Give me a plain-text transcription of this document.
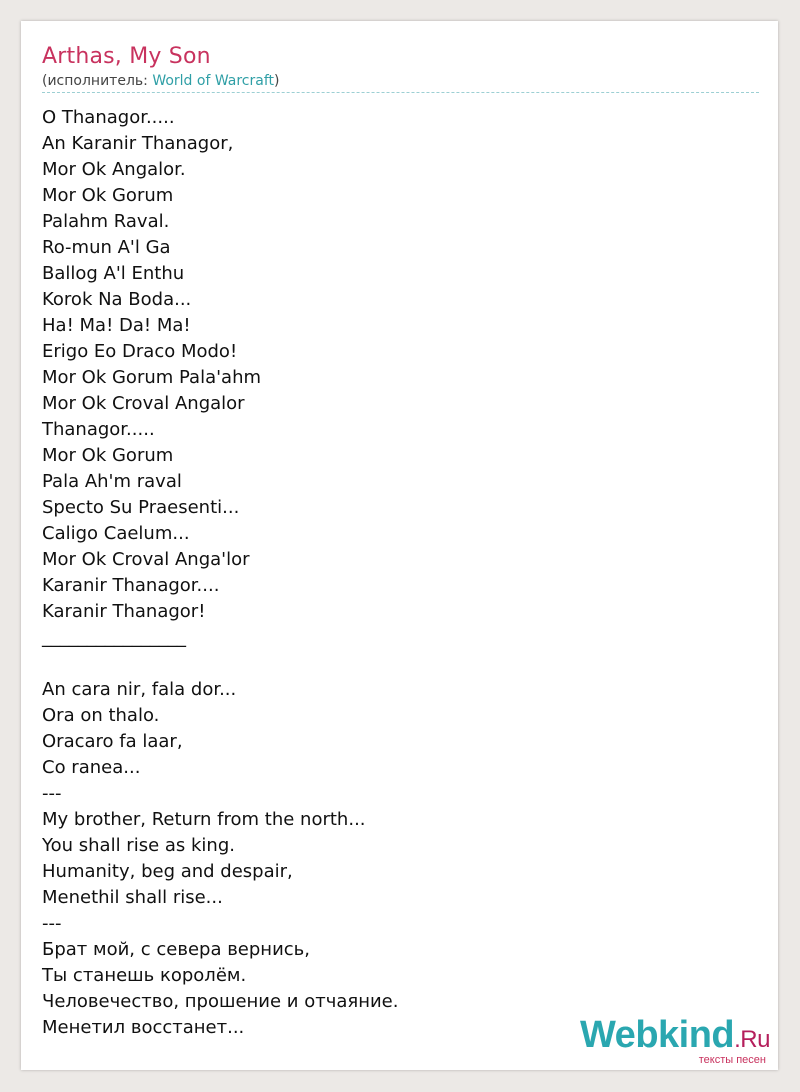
Arthas, My Son
(исполнитель: World of Warcraft)
O Thanagor.....
An Karanir Thanagor,
Mor Ok Angalor.
Mor Ok Gorum
Palahm Raval.
Ro-mun A'l Ga
Ballog A'l Enthu
Korok Na Boda...
Ha! Ma! Da! Ma!
Erigo Eo Draco Modo!
Mor Ok Gorum Pala'ahm
Mor Ok Croval Angalor
Thanagor.....
Mor Ok Gorum
Pala Ah'm raval
Specto Su Praesenti...
Caligo Caelum...
Mor Ok Croval Anga'lor
Karanir Thanagor....
Karanir Thanagor!
________________
An cara nir, fala dor...
Ora on thalo.
Oracaro fa laar,
Co ranea...
---
My brother, Return from the north...
You shall rise as king.
Humanity, beg and despair,
Menethil shall rise...
---
Брат мой, с севера вернись,
Ты станешь королём.
Человечество, прошение и отчаяние.
Менетил восстанет...	Webkind.Ru
тексты песен
